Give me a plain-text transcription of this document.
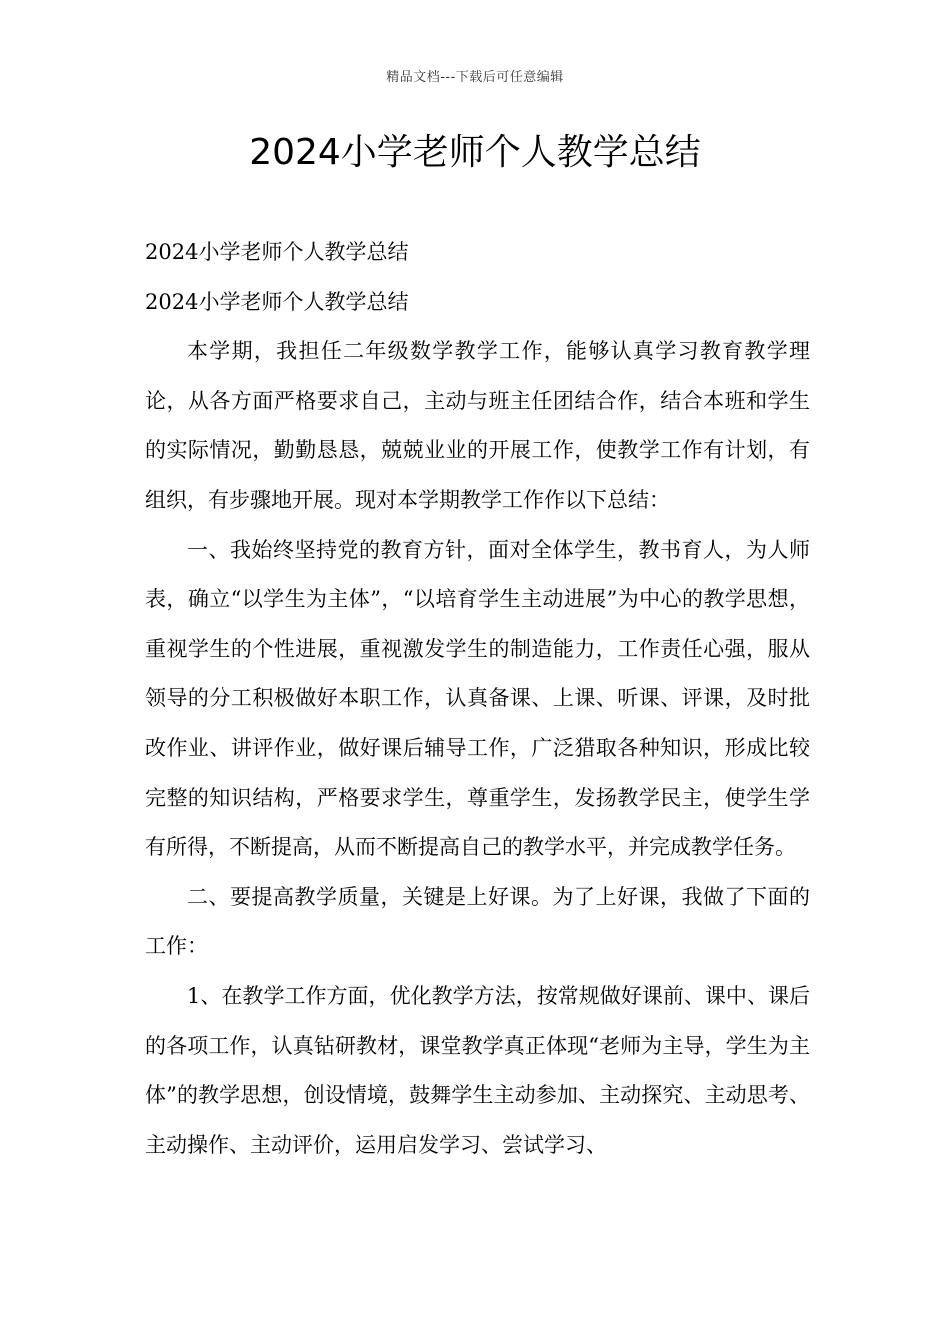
精品文档---下载后可任意编辑
2024小学老师个人教学总结

2024小学老师个人教学总结

2024小学老师个人教学总结

本学期，我担任二年级数学教学工作，能够认真学习教育教学理论，从各方面严格要求自己，主动与班主任团结合作，结合本班和学生的实际情况，勤勤恳恳，兢兢业业的开展工作，使教学工作有计划，有组织，有步骤地开展。现对本学期教学工作作以下总结：

一、我始终坚持党的教育方针，面对全体学生，教书育人，为人师表，确立“以学生为主体”，“以培育学生主动进展”为中心的教学思想，重视学生的个性进展，重视激发学生的制造能力，工作责任心强，服从领导的分工积极做好本职工作，认真备课、上课、听课、评课，及时批改作业、讲评作业，做好课后辅导工作，广泛猎取各种知识，形成比较完整的知识结构，严格要求学生，尊重学生，发扬教学民主，使学生学有所得，不断提高，从而不断提高自己的教学水平，并完成教学任务。

二、要提高教学质量，关键是上好课。为了上好课，我做了下面的工作：

1、在教学工作方面，优化教学方法，按常规做好课前、课中、课后的各项工作，认真钻研教材，课堂教学真正体现“老师为主导，学生为主体”的教学思想，创设情境，鼓舞学生主动参加、主动探究、主动思考、主动操作、主动评价，运用启发学习、尝试学习、
